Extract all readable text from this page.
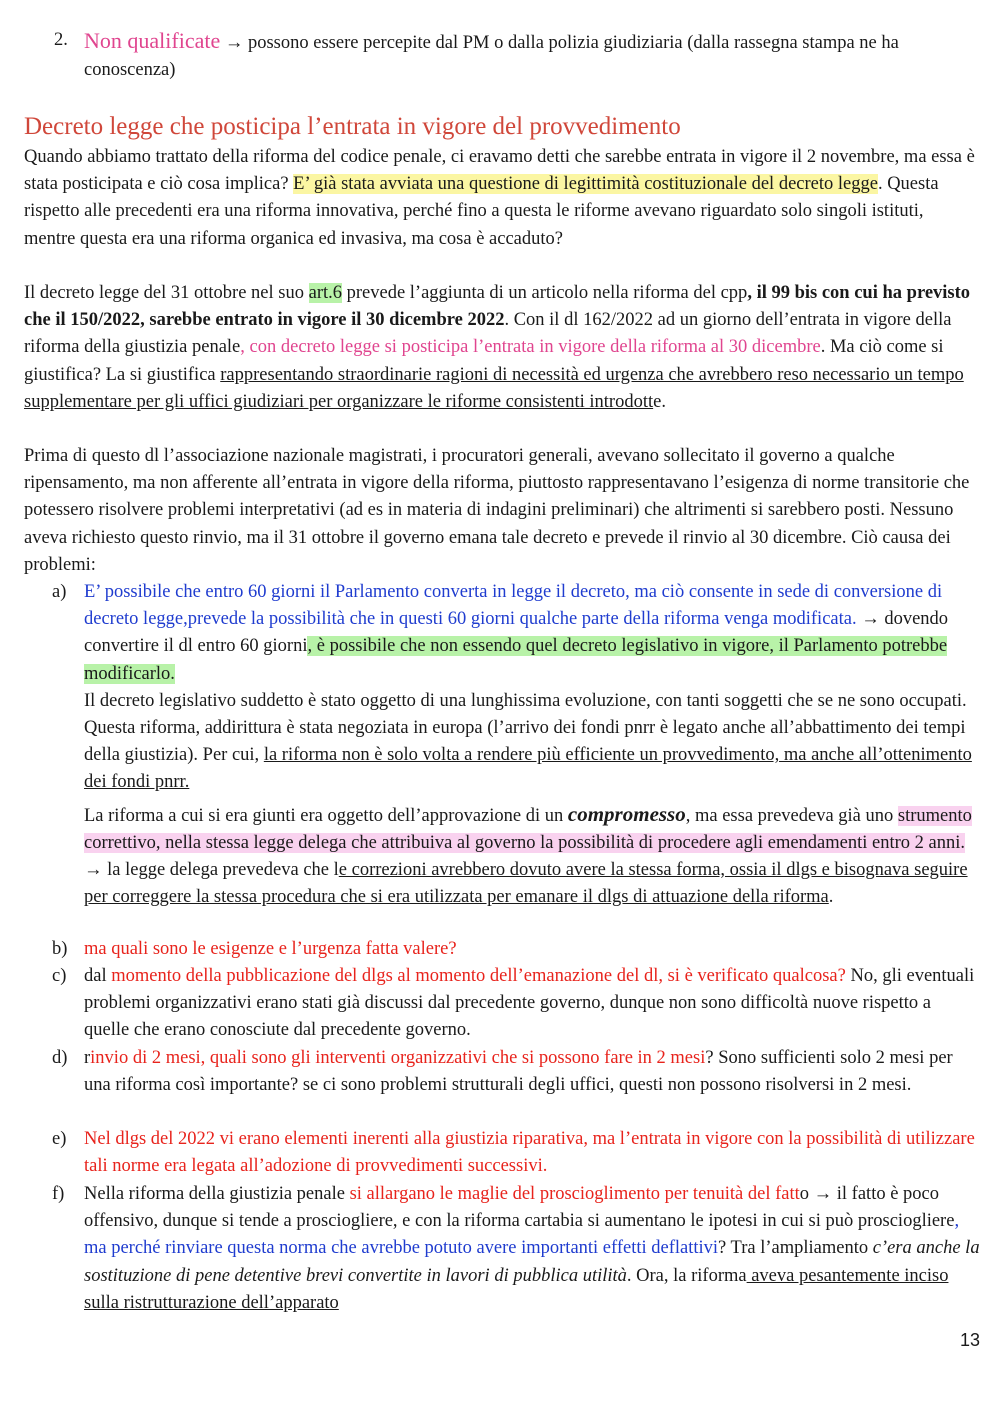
2. Non qualificate → possono essere percepite dal PM o dalla polizia giudiziaria (dalla rassegna stampa ne ha conoscenza)

Decreto legge che posticipa l’entrata in vigore del provvedimento

Quando abbiamo trattato della riforma del codice penale, ci eravamo detti che sarebbe entrata in vigore il 2 novembre, ma essa è stata posticipata e ciò cosa implica? E’ già stata avviata una questione di legittimità costituzionale del decreto legge. Questa rispetto alle precedenti era una riforma innovativa, perché fino a questa le riforme avevano riguardato solo singoli istituti, mentre questa era una riforma organica ed invasiva, ma cosa è accaduto?

Il decreto legge del 31 ottobre nel suo art.6 prevede l’aggiunta di un articolo nella riforma del cpp, il 99 bis con cui ha previsto che il 150/2022, sarebbe entrato in vigore il 30 dicembre 2022. Con il dl 162/2022 ad un giorno dell’entrata in vigore della riforma della giustizia penale, con decreto legge si posticipa l’entrata in vigore della riforma al 30 dicembre. Ma ciò come si giustifica? La si giustifica rappresentando straordinarie ragioni di necessità ed urgenza che avrebbero reso necessario un tempo supplementare per gli uffici giudiziari per organizzare le riforme consistenti introdotte.

Prima di questo dl l’associazione nazionale magistrati, i procuratori generali, avevano sollecitato il governo a qualche ripensamento, ma non afferente all’entrata in vigore della riforma, piuttosto rappresentavano l’esigenza di norme transitorie che potessero risolvere problemi interpretativi (ad es in materia di indagini preliminari) che altrimenti si sarebbero posti. Nessuno aveva richiesto questo rinvio, ma il 31 ottobre il governo emana tale decreto e prevede il rinvio al 30 dicembre. Ciò causa dei problemi:

a) E’ possibile che entro 60 giorni il Parlamento converta in legge il decreto, ma ciò consente in sede di conversione di decreto legge,prevede la possibilità che in questi 60 giorni qualche parte della riforma venga modificata. → dovendo convertire il dl entro 60 giorni, è possibile che non essendo quel decreto legislativo in vigore, il Parlamento potrebbe modificarlo.

Il decreto legislativo suddetto è stato oggetto di una lunghissima evoluzione, con tanti soggetti che se ne sono occupati. Questa riforma, addirittura è stata negoziata in europa (l’arrivo dei fondi pnrr è legato anche all’abbattimento dei tempi della giustizia). Per cui, la riforma non è solo volta a rendere più efficiente un provvedimento, ma anche all’ottenimento dei fondi pnrr.

La riforma a cui si era giunti era oggetto dell’approvazione di un compromesso, ma essa prevedeva già uno strumento correttivo, nella stessa legge delega che attribuiva al governo la possibilità di procedere agli emendamenti entro 2 anni. → la legge delega prevedeva che le correzioni avrebbero dovuto avere la stessa forma, ossia il dlgs e bisognava seguire per correggere la stessa procedura che si era utilizzata per emanare il dlgs di attuazione della riforma.

b) ma quali sono le esigenze e l’urgenza fatta valere?

c) dal momento della pubblicazione del dlgs al momento dell’emanazione del dl, si è verificato qualcosa? No, gli eventuali problemi organizzativi erano stati già discussi dal precedente governo, dunque non sono difficoltà nuove rispetto a quelle che erano conosciute dal precedente governo.

d) rinvio di 2 mesi, quali sono gli interventi organizzativi che si possono fare in 2 mesi? Sono sufficienti solo 2 mesi per una riforma così importante? se ci sono problemi strutturali degli uffici, questi non possono risolversi in 2 mesi.

e) Nel dlgs del 2022 vi erano elementi inerenti alla giustizia riparativa, ma l’entrata in vigore con la possibilità di utilizzare tali norme era legata all’adozione di provvedimenti successivi.

f) Nella riforma della giustizia penale si allargano le maglie del proscioglimento per tenuità del fatto → il fatto è poco offensivo, dunque si tende a prosciogliere, e con la riforma cartabia si aumentano le ipotesi in cui si può prosciogliere, ma perché rinviare questa norma che avrebbe potuto avere importanti effetti deflattivi? Tra l’ampliamento c’era anche la sostituzione di pene detentive brevi convertite in lavori di pubblica utilità. Ora, la riforma aveva pesantemente inciso sulla ristrutturazione dell’apparato

13
